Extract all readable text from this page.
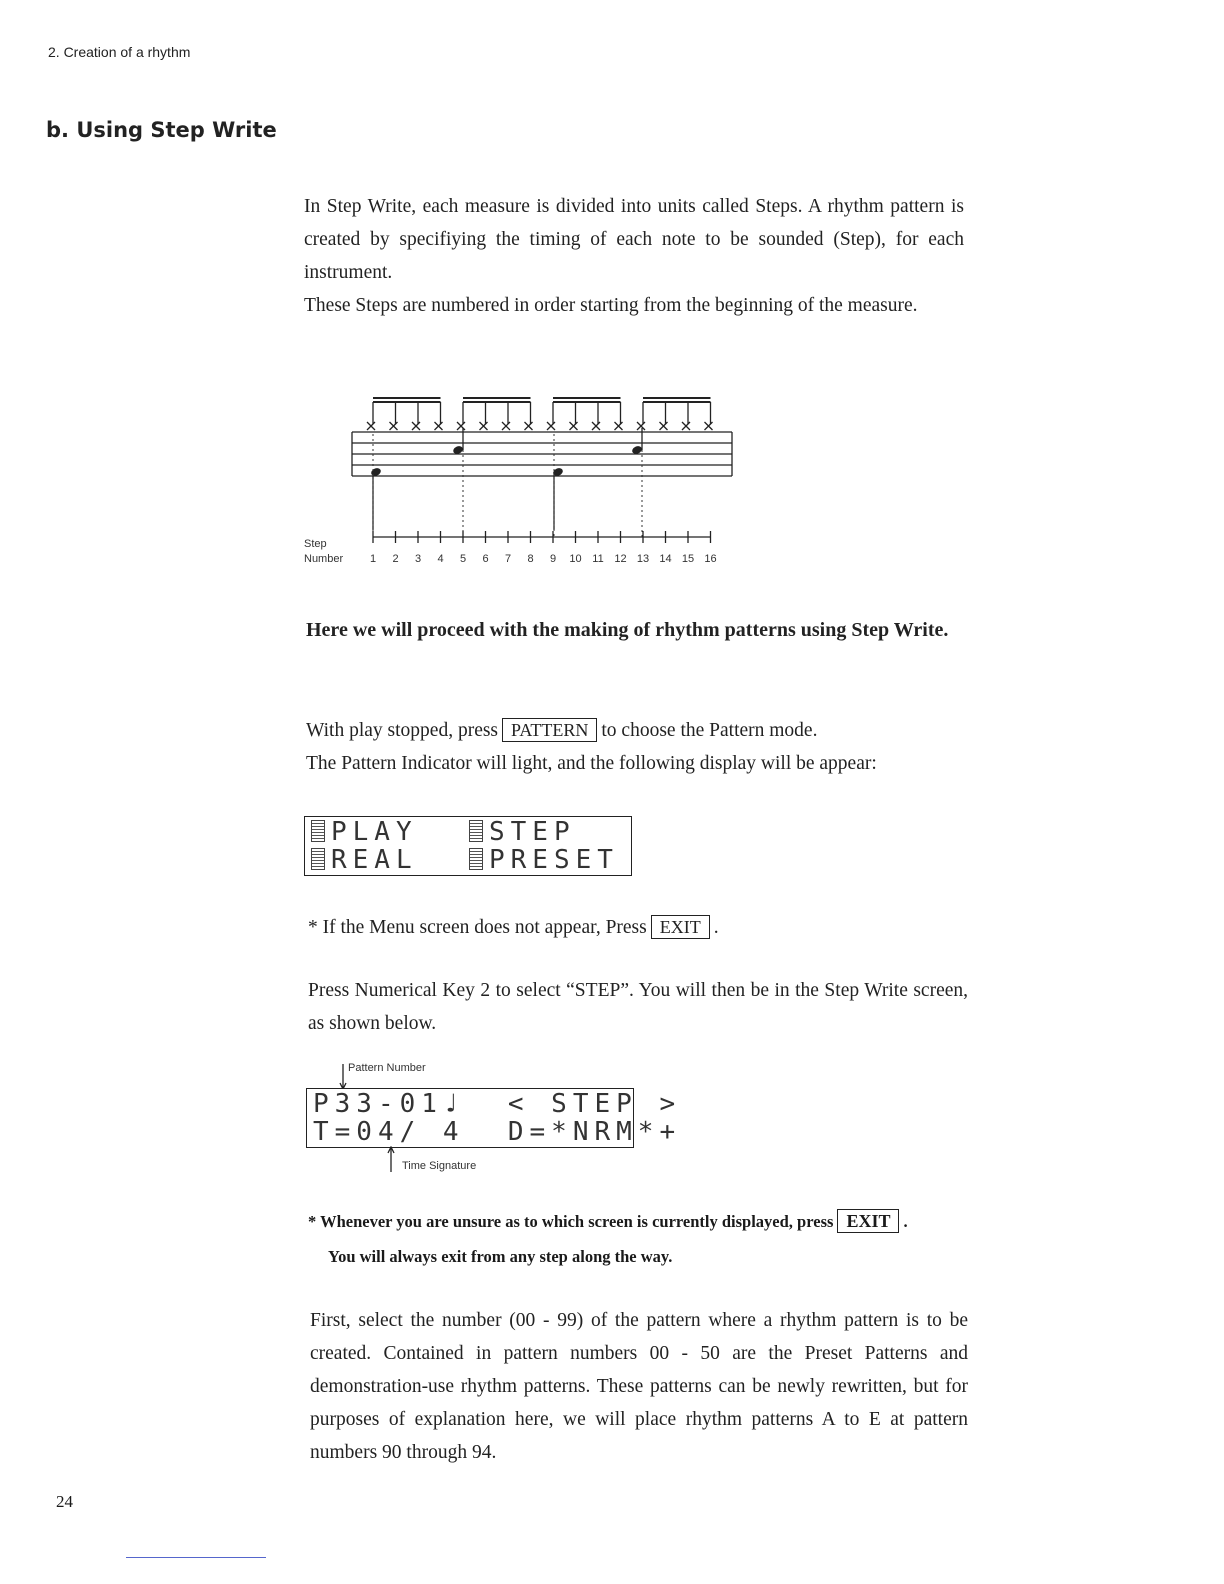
2. Creation of a rhythm
b. Using Step Write
In Step Write, each measure is divided into units called Steps. A rhythm pattern is created by specifiying the timing of each note to be sounded (Step), for each instrument.
These Steps are numbered in order starting from the beginning of the measure.
Step
Number 1 2 3 4 5 6 7 8 9 10 11 12 13 14 15 16
Here we will proceed with the making of rhythm patterns using Step Write.
With play stopped, press PATTERN to choose the Pattern mode.
The Pattern Indicator will light, and the following display will be appear:
PLAY	STEP
REAL	PRESET
* If the Menu screen does not appear, Press EXIT .
Press Numerical Key 2 to select “STEP”. You will then be in the Step Write screen, as shown below.
Pattern Number
P33-01♩  < STEP >
T=04/ 4  D=*NRM*+
Time Signature
* Whenever you are unsure as to which screen is currently displayed, press EXIT .
You will always exit from any step along the way.
First, select the number (00 - 99) of the pattern where a rhythm pattern is to be created. Contained in pattern numbers 00 - 50 are the Preset Patterns and demonstration-use rhythm patterns. These patterns can be newly rewritten, but for purposes of explanation here, we will place rhythm patterns A to E at pattern numbers 90 through 94.
24
